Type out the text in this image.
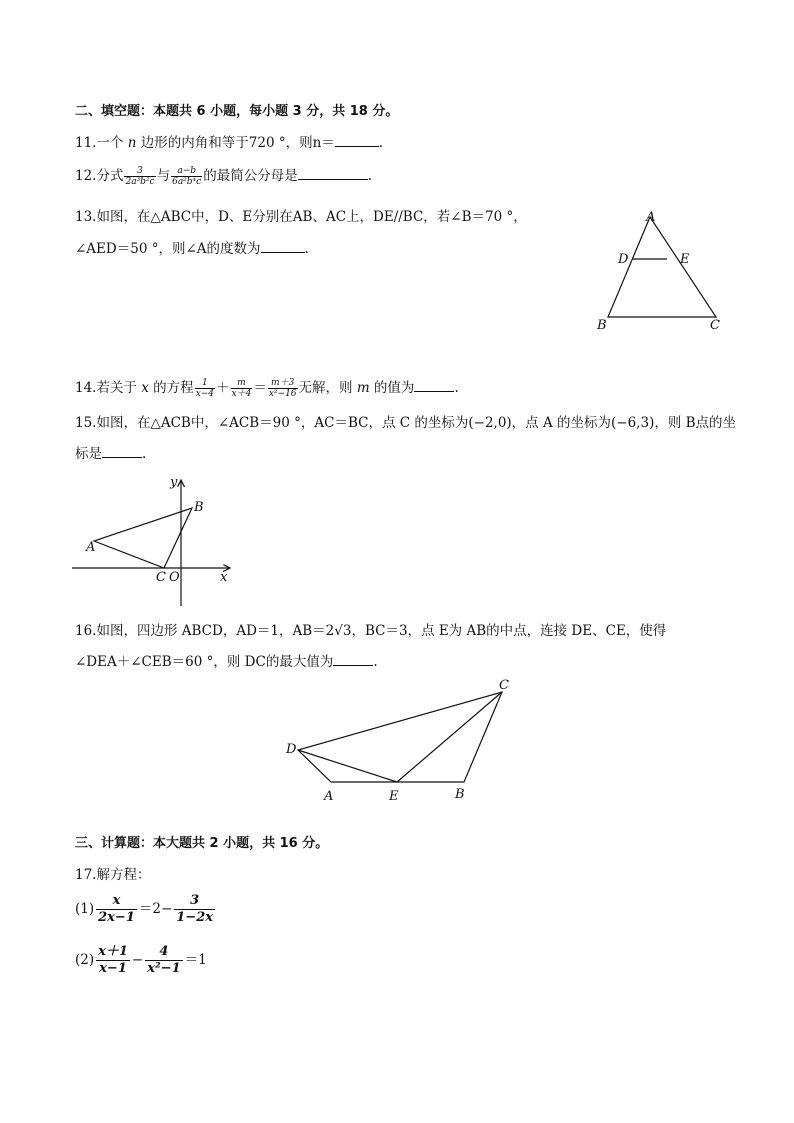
二、填空题：本题共 6 小题，每小题 3 分，共 18 分。
11.一个 n 边形的内角和等于720 °，则n＝	.
12.分式 $\frac{3}{\text{2a³b²c}}$ 与 $\frac{a-b}{\text{6a²b⁴c}}$ 的最简公分母是	.
13.如图，在△ABC中，D、E分别在AB、AC上，DE//BC，若∠B＝70 °，
∠AED＝50 °，则∠A的度数为	.
A
D	E
B	C
14.若关于 x 的方程 $\frac{1}{x-4} + \frac{m}{x+4} = \frac{m+3}{\text{x²−16}}$ 无解，则 m 的值为	.
15.如图，在△ACB中，∠ACB＝90 °，AC＝BC，点 C 的坐标为(−2,0)，点 A 的坐标为(−6,3)，则 B点的坐
标是	.
y
x
A
B
C O
16.如图，四边形 ABCD，AD＝1，AB＝2√3，BC＝3，点 E为 AB的中点，连接 DE、CE，使得
∠DEA＋∠CEB＝60 °，则 DC的最大值为	.
D
A	E	B
C
三、计算题：本大题共 2 小题，共 16 分。
17.解方程：
$(1) \frac{x}{2x-1} =2- \frac{3}{1-2x}$
$(2) \frac{x+1}{x-1} - \frac{4}{\text{x²−1}} =1$
